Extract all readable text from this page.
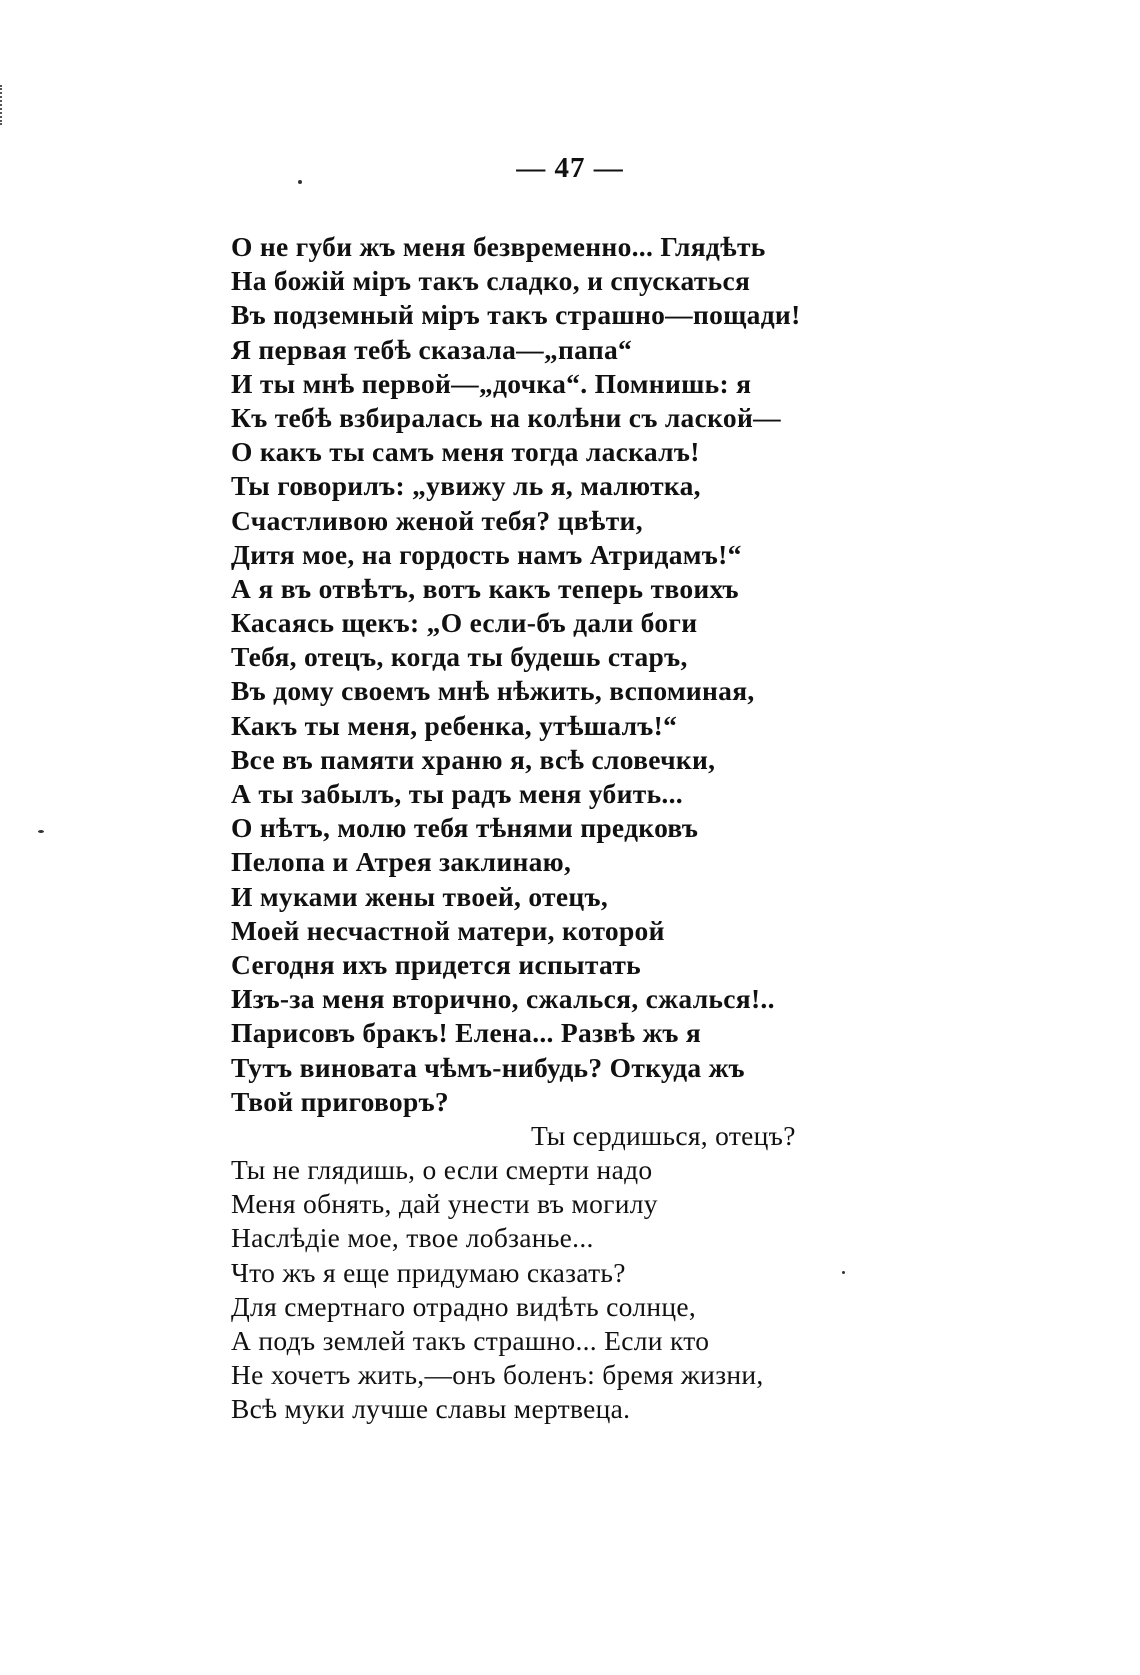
— 47 —
О не губи жъ меня безвременно... Глядѣть
На божій міръ такъ сладко, и спускаться
Въ подземный міръ такъ страшно—пощади!
Я первая тебѣ сказала—„папа“
И ты мнѣ первой—„дочка“. Помнишь: я
Къ тебѣ взбиралась на колѣни съ лаской—
О какъ ты самъ меня тогда ласкалъ!
Ты говорилъ: „увижу ль я, малютка,
Счастливою женой тебя? цвѣти,
Дитя мое, на гордость намъ Атридамъ!“
А я въ отвѣтъ, вотъ какъ теперь твоихъ
Касаясь щекъ: „О если-бъ дали боги
Тебя, отецъ, когда ты будешь старъ,
Въ дому своемъ мнѣ нѣжить, вспоминая,
Какъ ты меня, ребенка, утѣшалъ!“
Все въ памяти храню я, всѣ словечки,
А ты забылъ, ты радъ меня убить...
О нѣтъ, молю тебя тѣнями предковъ
Пелопа и Атрея заклинаю,
И муками жены твоей, отецъ,
Моей несчастной матери, которой
Сегодня ихъ придется испытать
Изъ-за меня вторично, сжалься, сжалься!..
Парисовъ бракъ! Елена... Развѣ жъ я
Тутъ виновата чѣмъ-нибудь? Откуда жъ
Твой приговоръ?
Ты сердишься, отецъ?
Ты не глядишь, о если смерти надо
Меня обнять, дай унести въ могилу
Наслѣдіе мое, твое лобзанье...
Что жъ я еще придумаю сказать?
Для смертнаго отрадно видѣть солнце,
А подъ землей такъ страшно... Если кто
Не хочетъ жить,—онъ боленъ: бремя жизни,
Всѣ муки лучше славы мертвеца.
